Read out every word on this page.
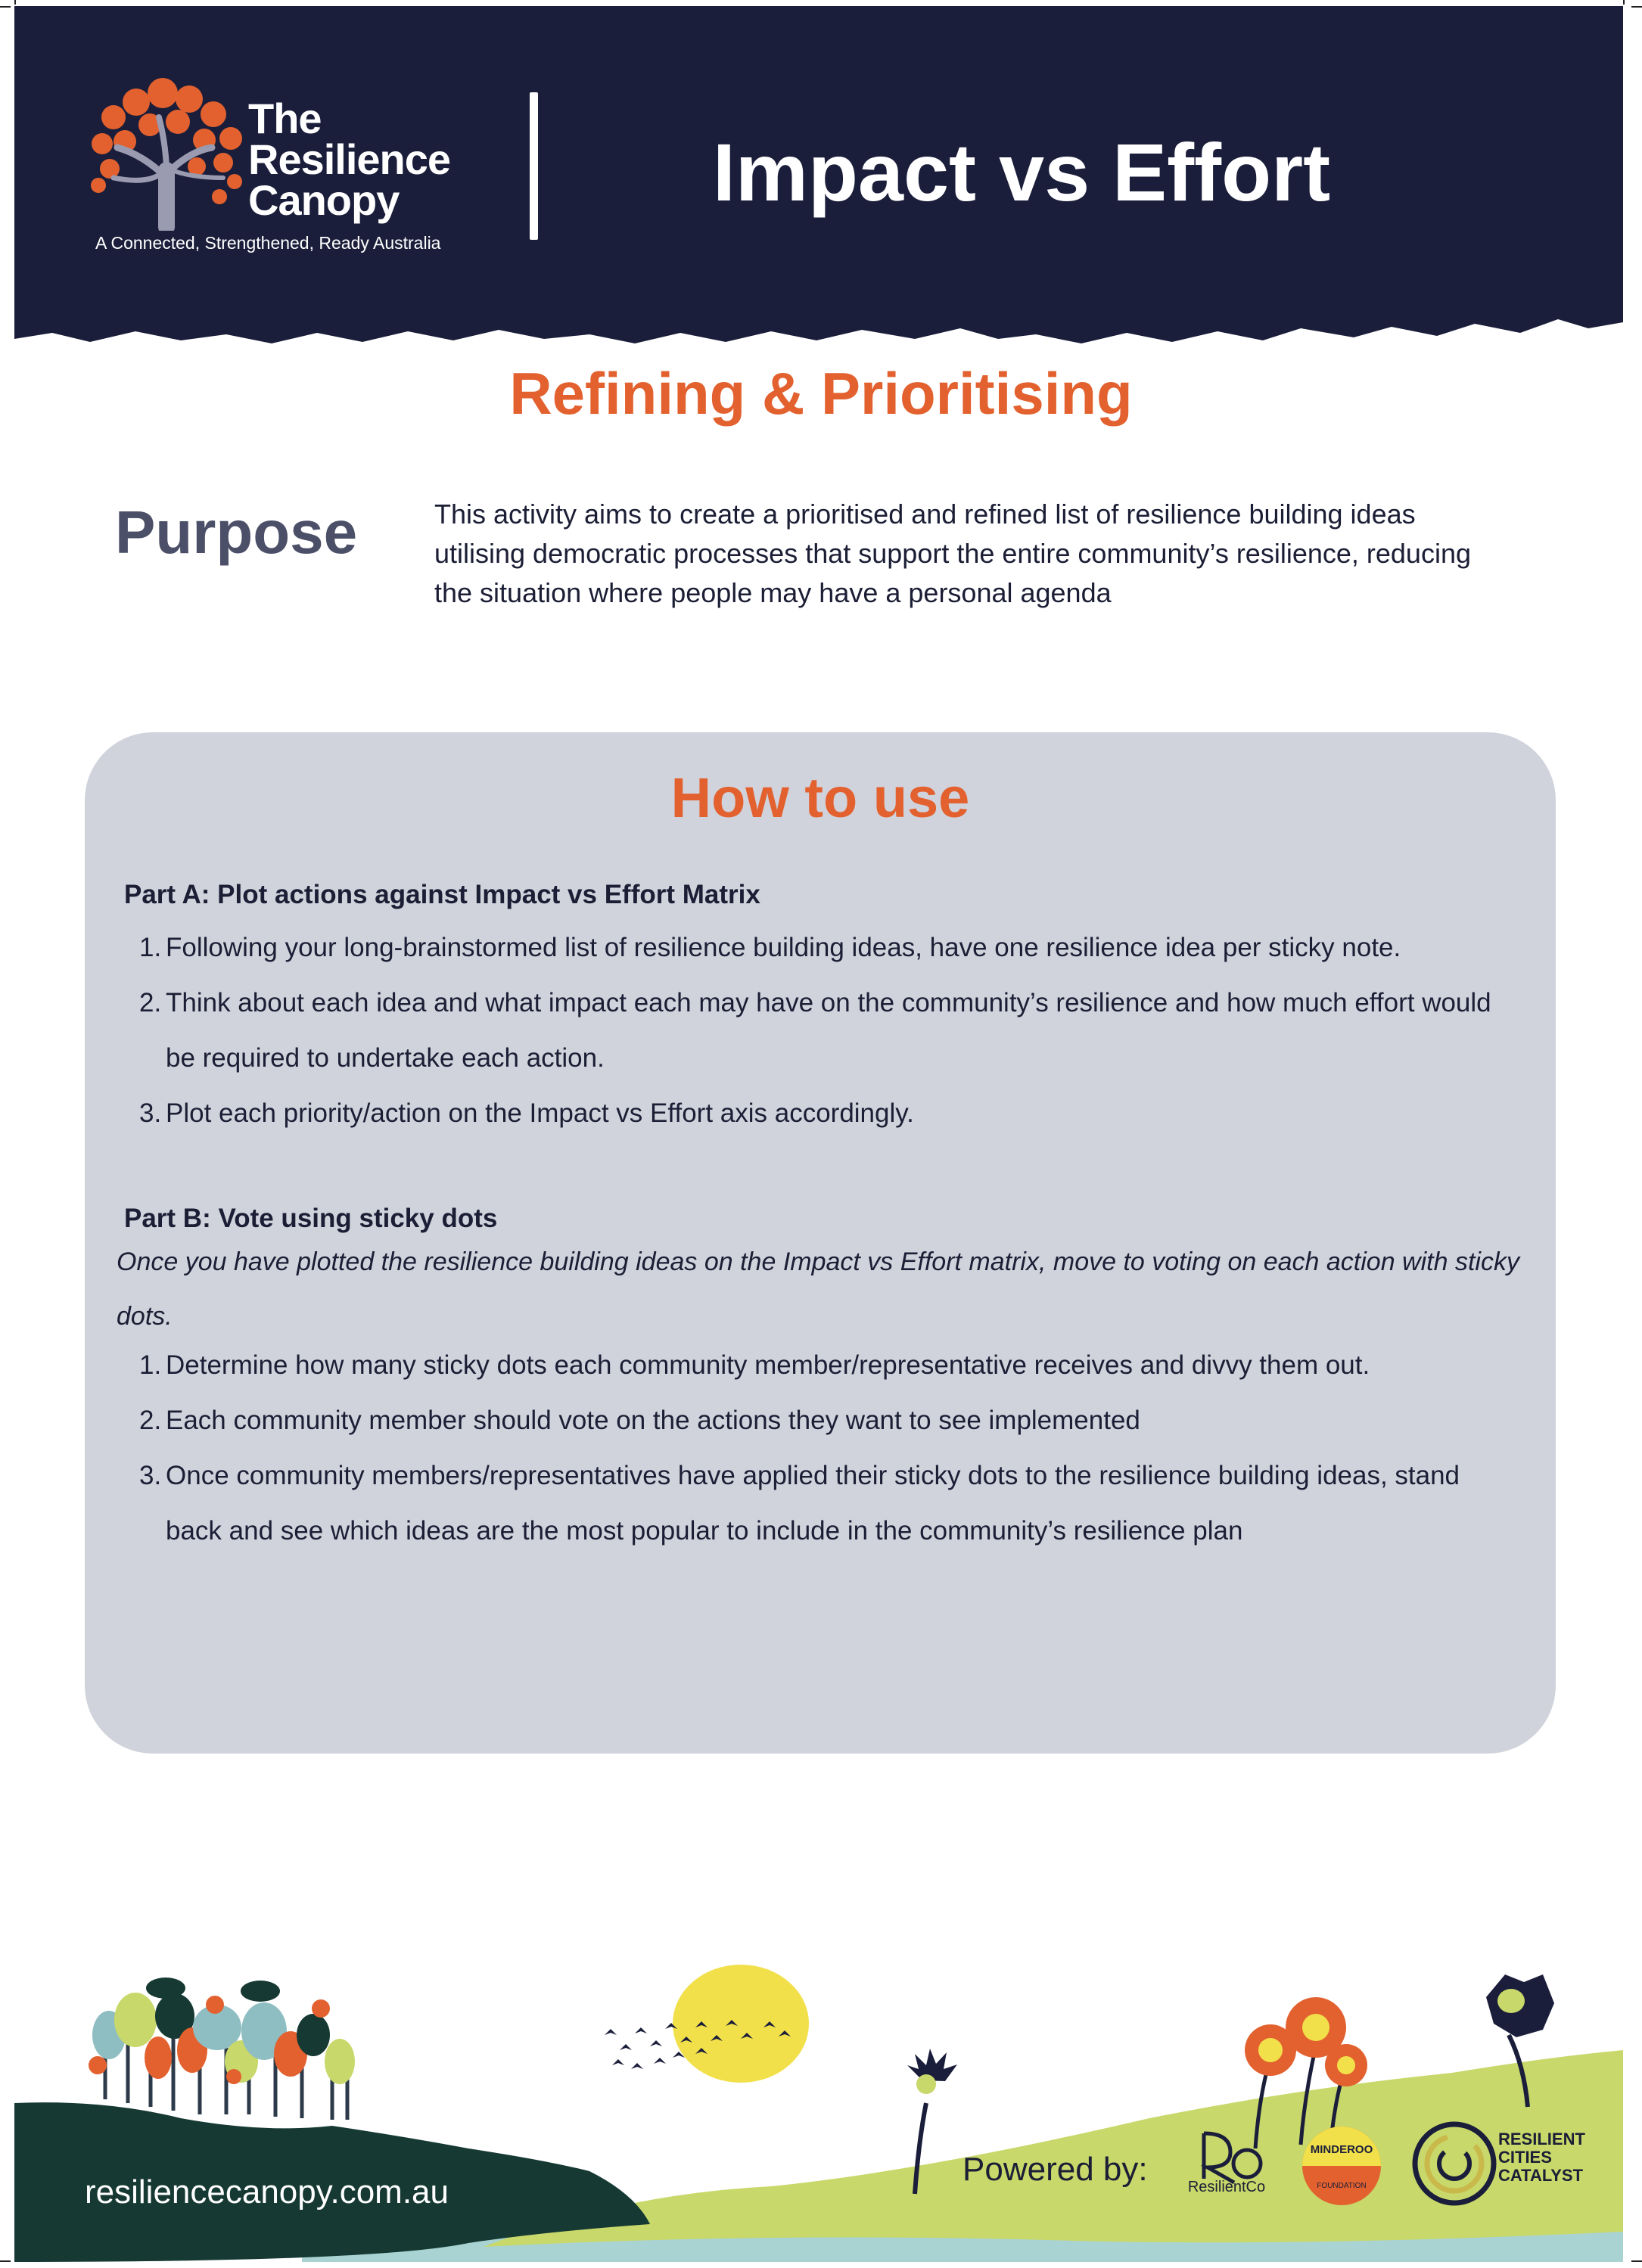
The
Resilience
Canopy
A Connected, Strengthened, Ready Australia
Impact vs Effort
Refining & Prioritising
Purpose	This activity aims to create a prioritised and refined list of resilience building ideas utilising democratic processes that support the entire community’s resilience, reducing the situation where people may have a personal agenda
How to use
Part A: Plot actions against Impact vs Effort Matrix
1. Following your long-brainstormed list of resilience building ideas, have one resilience idea per sticky note.
2. Think about each idea and what impact each may have on the community’s resilience and how much effort would be required to undertake each action.
3. Plot each priority/action on the Impact vs Effort axis accordingly.
Part B: Vote using sticky dots
Once you have plotted the resilience building ideas on the Impact vs Effort matrix, move to voting on each action with sticky dots.
1. Determine how many sticky dots each community member/representative receives and divvy them out.
2. Each community member should vote on the actions they want to see implemented
3. Once community members/representatives have applied their sticky dots to the resilience building ideas, stand back and see which ideas are the most popular to include in the community’s resilience plan
resiliencecanopy.com.au
Powered by:	ResilientCo
MINDEROO
FOUNDATION
RESILIENT
CITIES
CATALYST
